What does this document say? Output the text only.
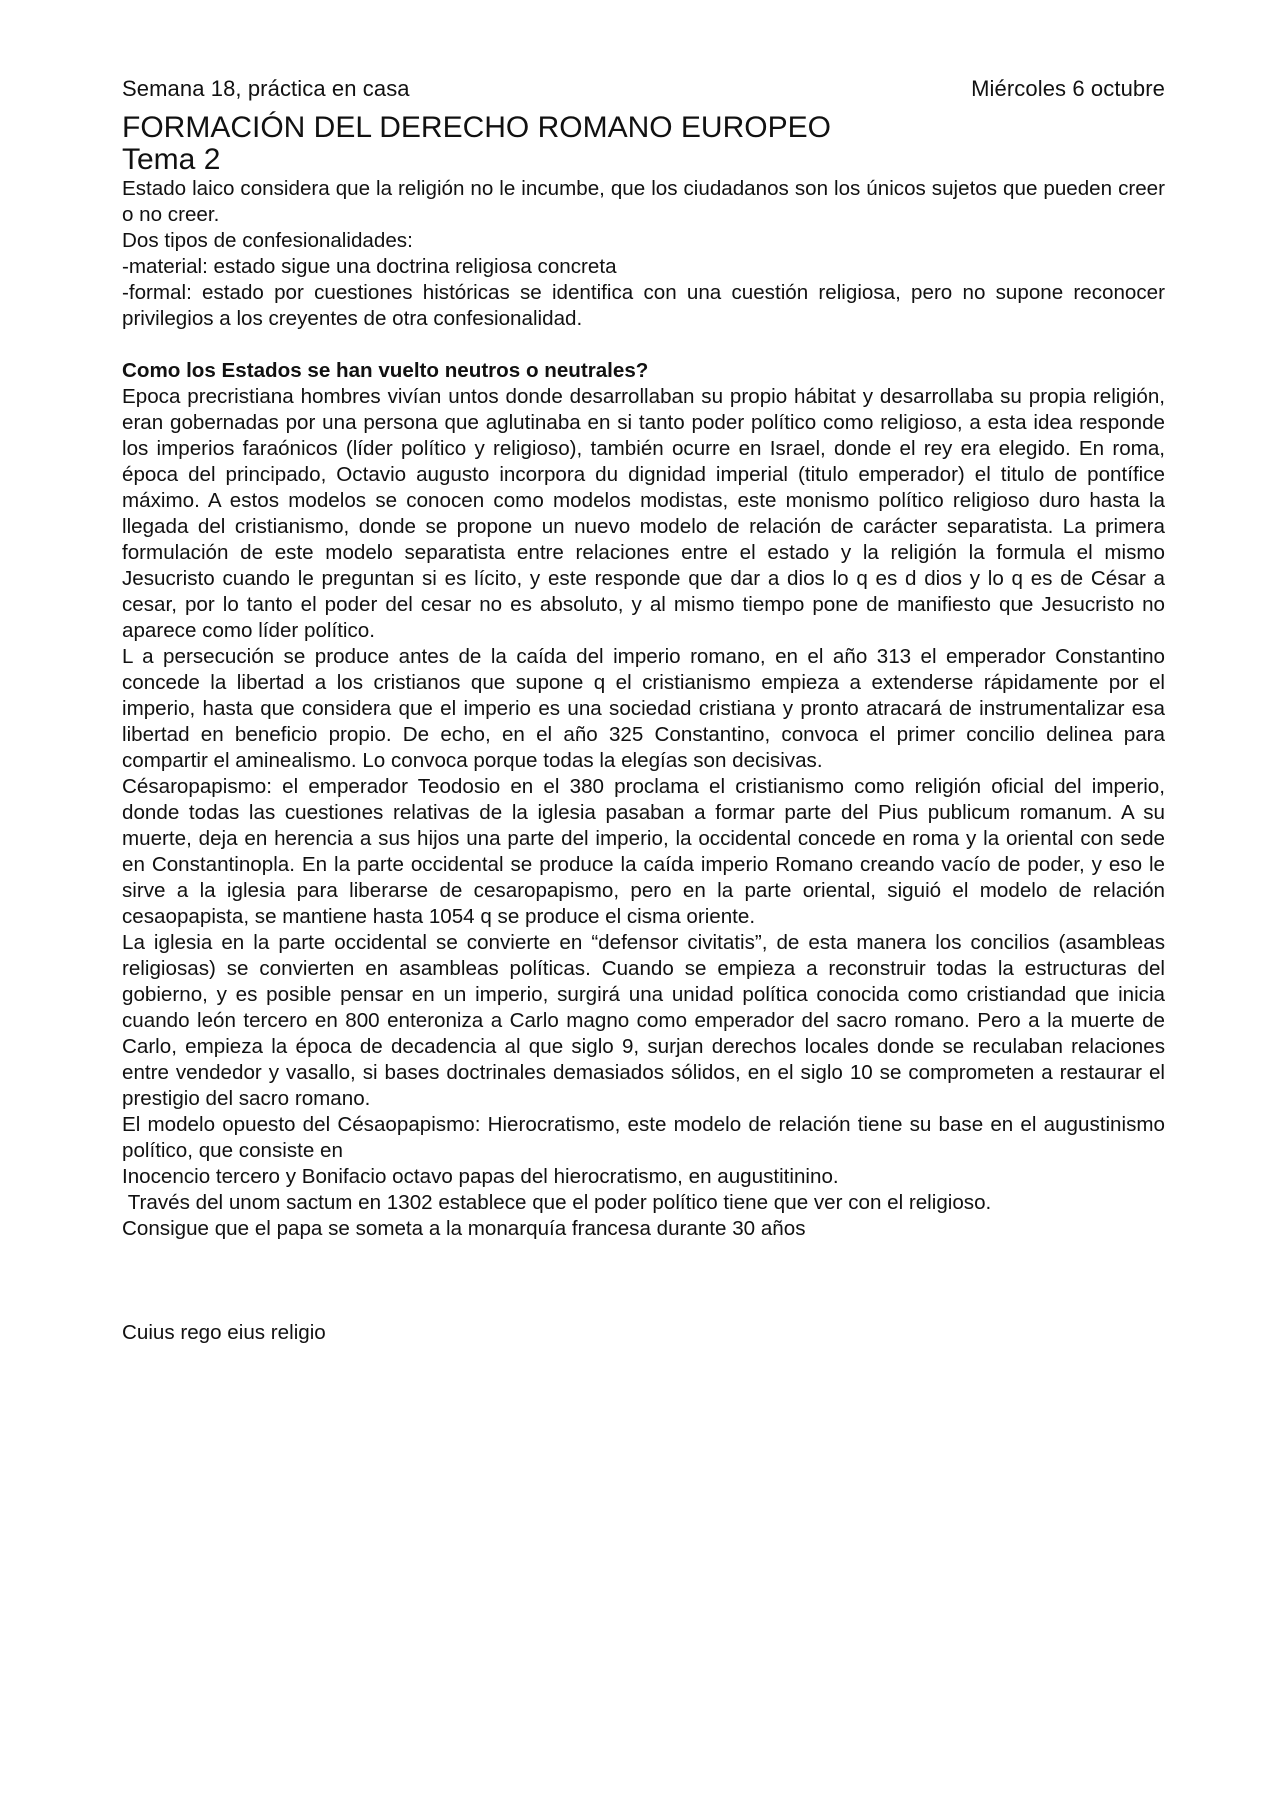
Semana 18, práctica en casa	Miércoles 6 octubre
FORMACIÓN DEL DERECHO ROMANO EUROPEO
Tema 2

Estado laico considera que la religión no le incumbe, que los ciudadanos son los únicos sujetos que pueden creer o no creer.

Dos tipos de confesionalidades:

-material: estado sigue una doctrina religiosa concreta

-formal: estado por cuestiones históricas se identifica con una cuestión religiosa, pero no supone reconocer privilegios a los creyentes de otra confesionalidad.

Como los Estados se han vuelto neutros o neutrales?

Epoca precristiana hombres vivían untos donde desarrollaban su propio hábitat y desarrollaba su propia religión, eran gobernadas por una persona que aglutinaba en si tanto poder político como religioso, a esta idea responde los imperios faraónicos (líder político y religioso), también ocurre en Israel, donde el rey era elegido. En roma, época del principado, Octavio augusto incorpora du dignidad imperial (titulo emperador) el titulo de pontífice máximo. A estos modelos se conocen como modelos modistas, este monismo político religioso duro hasta la llegada del cristianismo, donde se propone un nuevo modelo de relación de carácter separatista. La primera formulación de este modelo separatista entre relaciones entre el estado y la religión la formula el mismo Jesucristo cuando le preguntan si es lícito, y este responde que dar a dios lo q es d dios y lo q es de César a cesar, por lo tanto el poder del cesar no es absoluto, y al mismo tiempo pone de manifiesto que Jesucristo no aparece como líder político.

L a persecución se produce antes de la caída del imperio romano, en el año 313 el emperador Constantino concede la libertad a los cristianos que supone q el cristianismo empieza a extenderse rápidamente por el imperio, hasta que considera que el imperio es una sociedad cristiana y pronto atracará de instrumentalizar esa libertad en beneficio propio. De echo, en el año 325 Constantino, convoca el primer concilio delinea para compartir el aminealismo. Lo convoca porque todas la elegías son decisivas.

Césaropapismo: el emperador Teodosio en el 380 proclama el cristianismo como religión oficial del imperio, donde todas las cuestiones relativas de la iglesia pasaban a formar parte del Pius publicum romanum. A su muerte, deja en herencia a sus hijos una parte del imperio, la occidental concede en roma y la oriental con sede en Constantinopla. En la parte occidental se produce la caída imperio Romano creando vacío de poder, y eso le sirve a la iglesia para liberarse de cesaropapismo, pero en la parte oriental, siguió el modelo de relación cesaopapista, se mantiene hasta 1054 q se produce el cisma oriente.

La iglesia en la parte occidental se convierte en “defensor civitatis”, de esta manera los concilios (asambleas religiosas) se convierten en asambleas políticas. Cuando se empieza a reconstruir todas la estructuras del gobierno, y es posible pensar en un imperio, surgirá una unidad política conocida como cristiandad que inicia cuando león tercero en 800 enteroniza a Carlo magno como emperador del sacro romano. Pero a la muerte de Carlo, empieza la época de decadencia al que siglo 9, surjan derechos locales donde se reculaban relaciones entre vendedor y vasallo, si bases doctrinales demasiados sólidos, en el siglo 10 se comprometen a restaurar el prestigio del sacro romano.

El modelo opuesto del Césaopapismo: Hierocratismo, este modelo de relación tiene su base en el augustinismo político, que consiste en

Inocencio tercero y Bonifacio octavo papas del hierocratismo, en augustitinino.

Través del unom sactum en 1302 establece que el poder político tiene que ver con el religioso.

Consigue que el papa se someta a la monarquía francesa durante 30 años

Cuius rego eius religio
